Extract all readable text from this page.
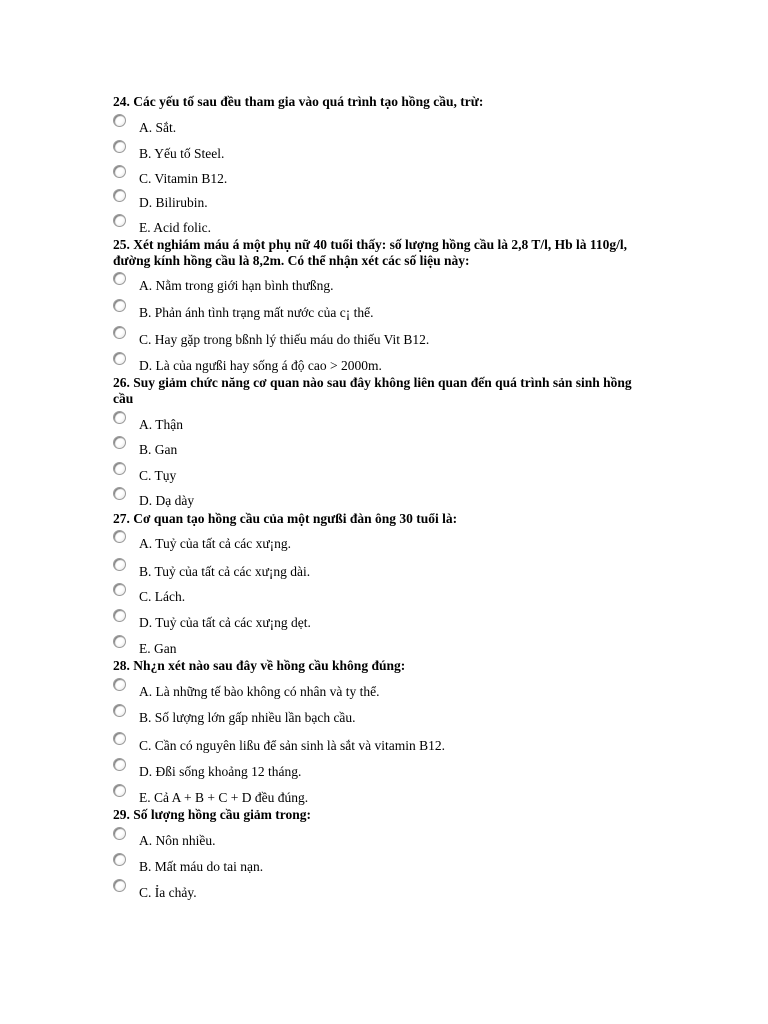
24. Các yếu tố sau đều tham gia vào quá trình tạo hồng cầu, trừ:
A. Sắt.
B. Yếu tố Steel.
C. Vitamin B12.
D. Bilirubin.
E. Acid folic.
25. Xét nghiám máu á một phụ nữ 40 tuổi thấy: số lượng hồng cầu là 2,8 T/l, Hb là 110g/l, đường kính hồng cầu là 8,2m. Có thể nhận xét các số liệu này:
A. Nằm trong giới hạn bình thưßng.
B. Phản ánh tình trạng mất nước của c¡ thể.
C. Hay gặp trong bßnh lý thiếu máu do thiếu Vit B12.
D. Là của ngưßi hay sống á độ cao > 2000m.
26. Suy giảm chức năng cơ quan nào sau đây không liên quan đến quá trình sản sinh hồng cầu
A. Thận
B. Gan
C. Tụy
D. Dạ dày
27. Cơ quan tạo hồng cầu của một ngưßi đàn ông 30 tuổi là:
A. Tuỷ của tất cả các xư¡ng.
B. Tuỷ của tất cả các xư¡ng dài.
C. Lách.
D. Tuỷ của tất cả các xư¡ng dẹt.
E. Gan
28. Nh¿n xét nào sau đây về hồng cầu không đúng:
A. Là những tế bào không có nhân và ty thể.
B. Số lượng lớn gấp nhiều lần bạch cầu.
C. Cần có nguyên lißu để sản sinh là sắt và vitamin B12.
D. Đßi sống khoảng 12 tháng.
E. Cả A + B + C + D đều đúng.
29. Số lượng hồng cầu giảm trong:
A. Nôn nhiều.
B. Mất máu do tai nạn.
C. Ỉa chảy.
